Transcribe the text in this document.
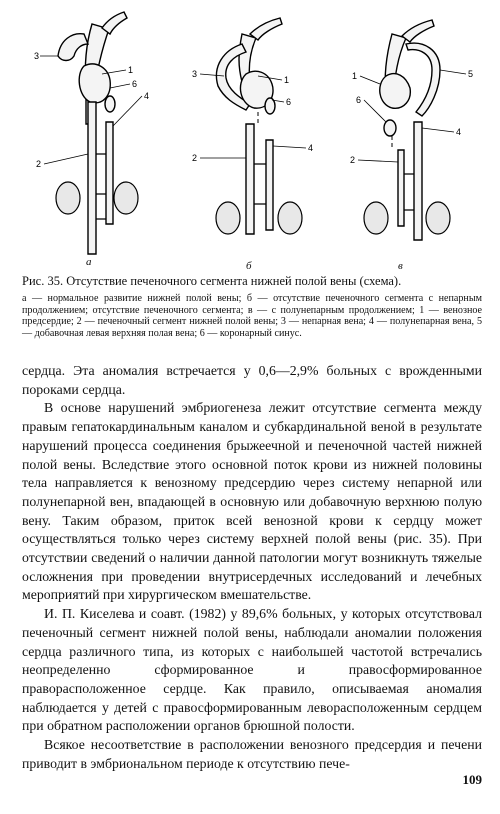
3
1
6
4
2
3
1
6
4
2
1
6
5
4
2
а	б	в

Рис. 35. Отсутствие печеночного сегмента нижней полой вены (схема).

а — нормальное развитие нижней полой вены; б — отсутствие печеночного сегмента с непарным продолжением; отсутствие печеночного сегмента; в — с полунепарным продолжением; 1 — венозное предсердие; 2 — печеночный сегмент нижней полой вены; 3 — непарная вена; 4 — полунепарная вена, 5 — добавочная левая верхняя полая вена; 6 — коронарный синус.

сердца. Эта аномалия встречается у 0,6—2,9% больных с врожденными пороками сердца.

В основе нарушений эмбриогенеза лежит отсутствие сегмента между правым гепатокардинальным каналом и субкардинальной веной в результате нарушений процесса соединения брыжеечной и печеночной частей нижней полой вены. Вследствие этого основной поток крови из нижней половины тела направляется к венозному предсердию через систему непарной или полунепарной вен, впадающей в основную или добавочную верхнюю полую вену. Таким образом, приток всей венозной крови к сердцу может осуществляться только через систему верхней полой вены (рис. 35). При отсутствии сведений о наличии данной патологии могут возникнуть тяжелые осложнения при проведении внутрисердечных исследований и лечебных мероприятий при хирургическом вмешательстве.

И. П. Киселева и соавт. (1982) у 89,6% больных, у которых отсутствовал печеночный сегмент нижней полой вены, наблюдали аномалии положения сердца различного типа, из которых с наибольшей частотой встречались неопределенно сформированное и правосформированное праворасположенное сердце. Как правило, описываемая аномалия наблюдается у детей с правосформированным леворасположенным сердцем при обратном расположении органов брюшной полости.

Всякое несоответствие в расположении венозного предсердия и печени приводит в эмбриональном периоде к отсутствию пече-

109
